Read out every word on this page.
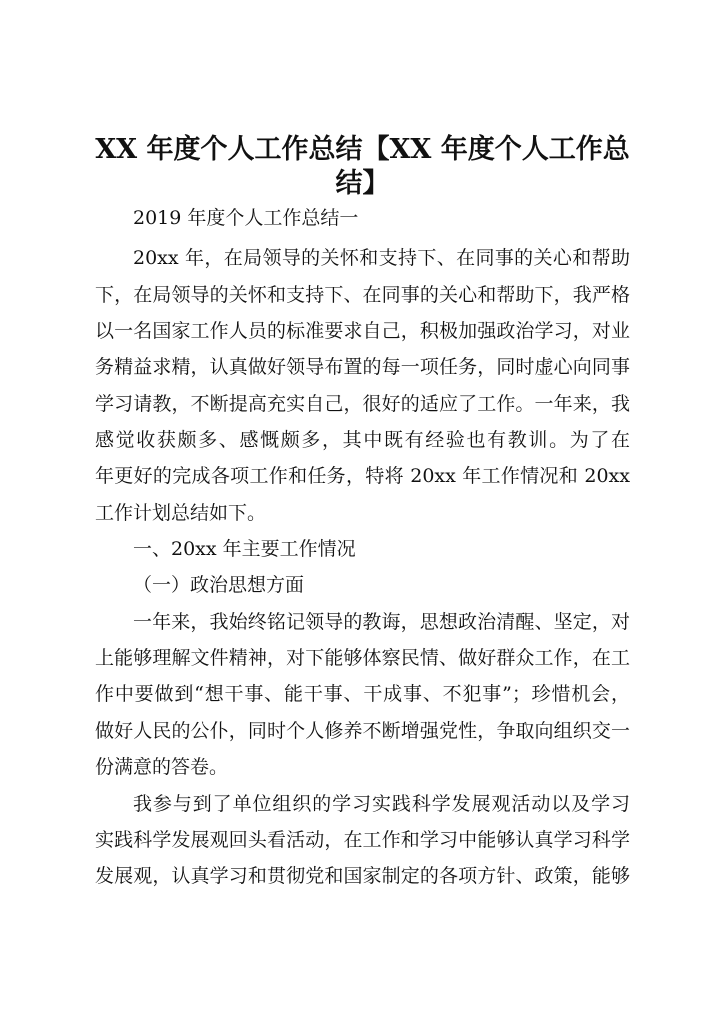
XX 年度个人工作总结【XX 年度个人工作总
结】
2019 年度个人工作总结一
20xx 年，在局领导的关怀和支持下、在同事的关心和帮助
下，在局领导的关怀和支持下、在同事的关心和帮助下，我严格
以一名国家工作人员的标准要求自己，积极加强政治学习，对业
务精益求精，认真做好领导布置的每一项任务，同时虚心向同事
学习请教，不断提高充实自己，很好的适应了工作。一年来，我
感觉收获颇多、感慨颇多，其中既有经验也有教训。为了在
年更好的完成各项工作和任务，特将 20xx 年工作情况和 20xx
工作计划总结如下。
一、20xx 年主要工作情况
（一）政治思想方面
一年来，我始终铭记领导的教诲，思想政治清醒、坚定，对
上能够理解文件精神，对下能够体察民情、做好群众工作，在工
作中要做到“想干事、能干事、干成事、不犯事”；珍惜机会，
做好人民的公仆，同时个人修养不断增强党性，争取向组织交一
份满意的答卷。
我参与到了单位组织的学习实践科学发展观活动以及学习
实践科学发展观回头看活动，在工作和学习中能够认真学习科学
发展观，认真学习和贯彻党和国家制定的各项方针、政策，能够
